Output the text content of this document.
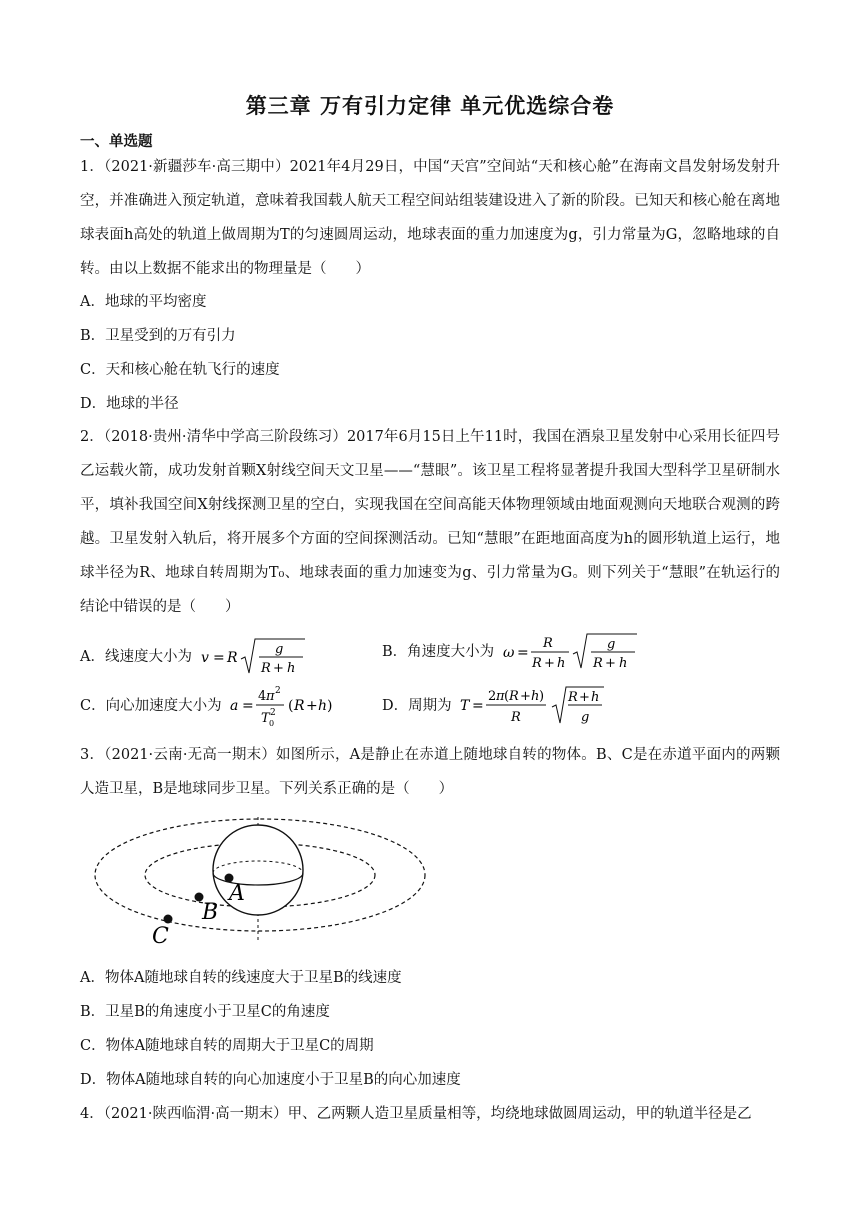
第三章 万有引力定律 单元优选综合卷
一、单选题
1．（2021·新疆莎车·高三期中）2021年4月29日，中国“天宫”空间站“天和核心舱”在海南文昌发射场发射升空，并准确进入预定轨道，意味着我国载人航天工程空间站组装建设进入了新的阶段。已知天和核心舱在离地球表面h高处的轨道上做周期为T的匀速圆周运动，地球表面的重力加速度为g，引力常量为G，忽略地球的自转。由以上数据不能求出的物理量是（　　）
A．地球的平均密度
B．卫星受到的万有引力
C．天和核心舱在轨飞行的速度
D．地球的半径
2．（2018·贵州·清华中学高三阶段练习）2017年6月15日上午11时，我国在酒泉卫星发射中心采用长征四号乙运载火箭，成功发射首颗X射线空间天文卫星——“慧眼”。该卫星工程将显著提升我国大型科学卫星研制水平，填补我国空间X射线探测卫星的空白，实现我国在空间高能天体物理领域由地面观测向天地联合观测的跨越。卫星发射入轨后，将开展多个方面的空间探测活动。已知“慧眼”在距地面高度为h的圆形轨道上运行，地球半径为R、地球自转周期为T₀、地球表面的重力加速变为g、引力常量为G。则下列关于“慧眼”在轨运行的结论中错误的是（　　）
A．线速度大小为 v = R
g
R + h
B．角速度大小为 ω =
R
R + h
g
R + h
C．向心加速度大小为 a =
4 π 2
T 0
2 ( R + h )	D．周期为 T =
2 π ( R + h )
R
R + h
g
3．（2021·云南·无高一期末）如图所示，A是静止在赤道上随地球自转的物体。B、C是在赤道平面内的两颗人造卫星，B是地球同步卫星。下列关系正确的是（　　）
A
B
C
A．物体A随地球自转的线速度大于卫星B的线速度
B．卫星B的角速度小于卫星C的角速度
C．物体A随地球自转的周期大于卫星C的周期
D．物体A随地球自转的向心加速度小于卫星B的向心加速度
4．（2021·陕西临渭·高一期末）甲、乙两颗人造卫星质量相等，均绕地球做圆周运动，甲的轨道半径是乙
